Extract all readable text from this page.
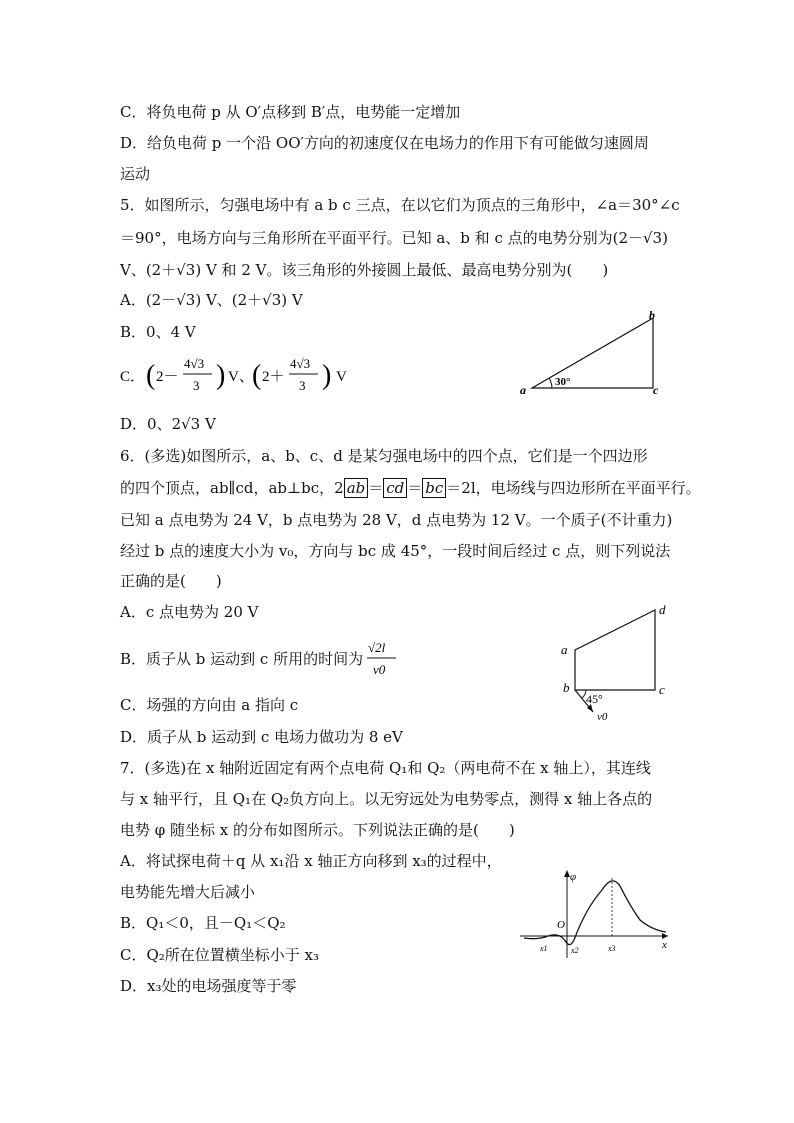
C．将负电荷 p 从 O′点移到 B′点，电势能一定增加
D．给负电荷 p 一个沿 OO′方向的初速度仅在电场力的作用下有可能做匀速圆周
运动
5．如图所示，匀强电场中有 a b c 三点，在以它们为顶点的三角形中，∠a＝30°∠c
＝90°，电场方向与三角形所在平面平行。已知 a、b 和 c 点的电势分别为(2－√3)
V、(2＋√3) V 和 2 V。该三角形的外接圆上最低、最高电势分别为(　　)
A．(2－√3) V、(2＋√3) V
B．0、4 V
C． ( 2－
4√3
3 ) V、
( 2＋
4√3
3 ) V
D．0、2√3 V
a
b
c
30°
6．(多选)如图所示，a、b、c、d 是某匀强电场中的四个点，它们是一个四边形
的四个顶点，ab∥cd，ab⊥bc，2 ab ＝ cd ＝ bc ＝2l，电场线与四边形所在平面平行。
已知 a 点电势为 24 V，b 点电势为 28 V，d 点电势为 12 V。一个质子(不计重力)
经过 b 点的速度大小为 v₀，方向与 bc 成 45°，一段时间后经过 c 点，则下列说法
正确的是(　　)
A．c 点电势为 20 V
B．质子从 b 运动到 c 所用的时间为
√2l
v0
C．场强的方向由 a 指向 c
D．质子从 b 运动到 c 电场力做功为 8 eV
a
b	c
d
45°
v0
7．(多选)在 x 轴附近固定有两个点电荷 Q₁和 Q₂（两电荷不在 x 轴上），其连线
与 x 轴平行，且 Q₁在 Q₂负方向上。以无穷远处为电势零点，测得 x 轴上各点的
电势 φ 随坐标 x 的分布如图所示。下列说法正确的是(　　)
A．将试探电荷＋q 从 x₁沿 x 轴正方向移到 x₃的过程中，
电势能先增大后减小
B．Q₁＜0，且－Q₁＜Q₂
C．Q₂所在位置横坐标小于 x₃
D．x₃处的电场强度等于零
O
φ
x
x1	x2	x3
